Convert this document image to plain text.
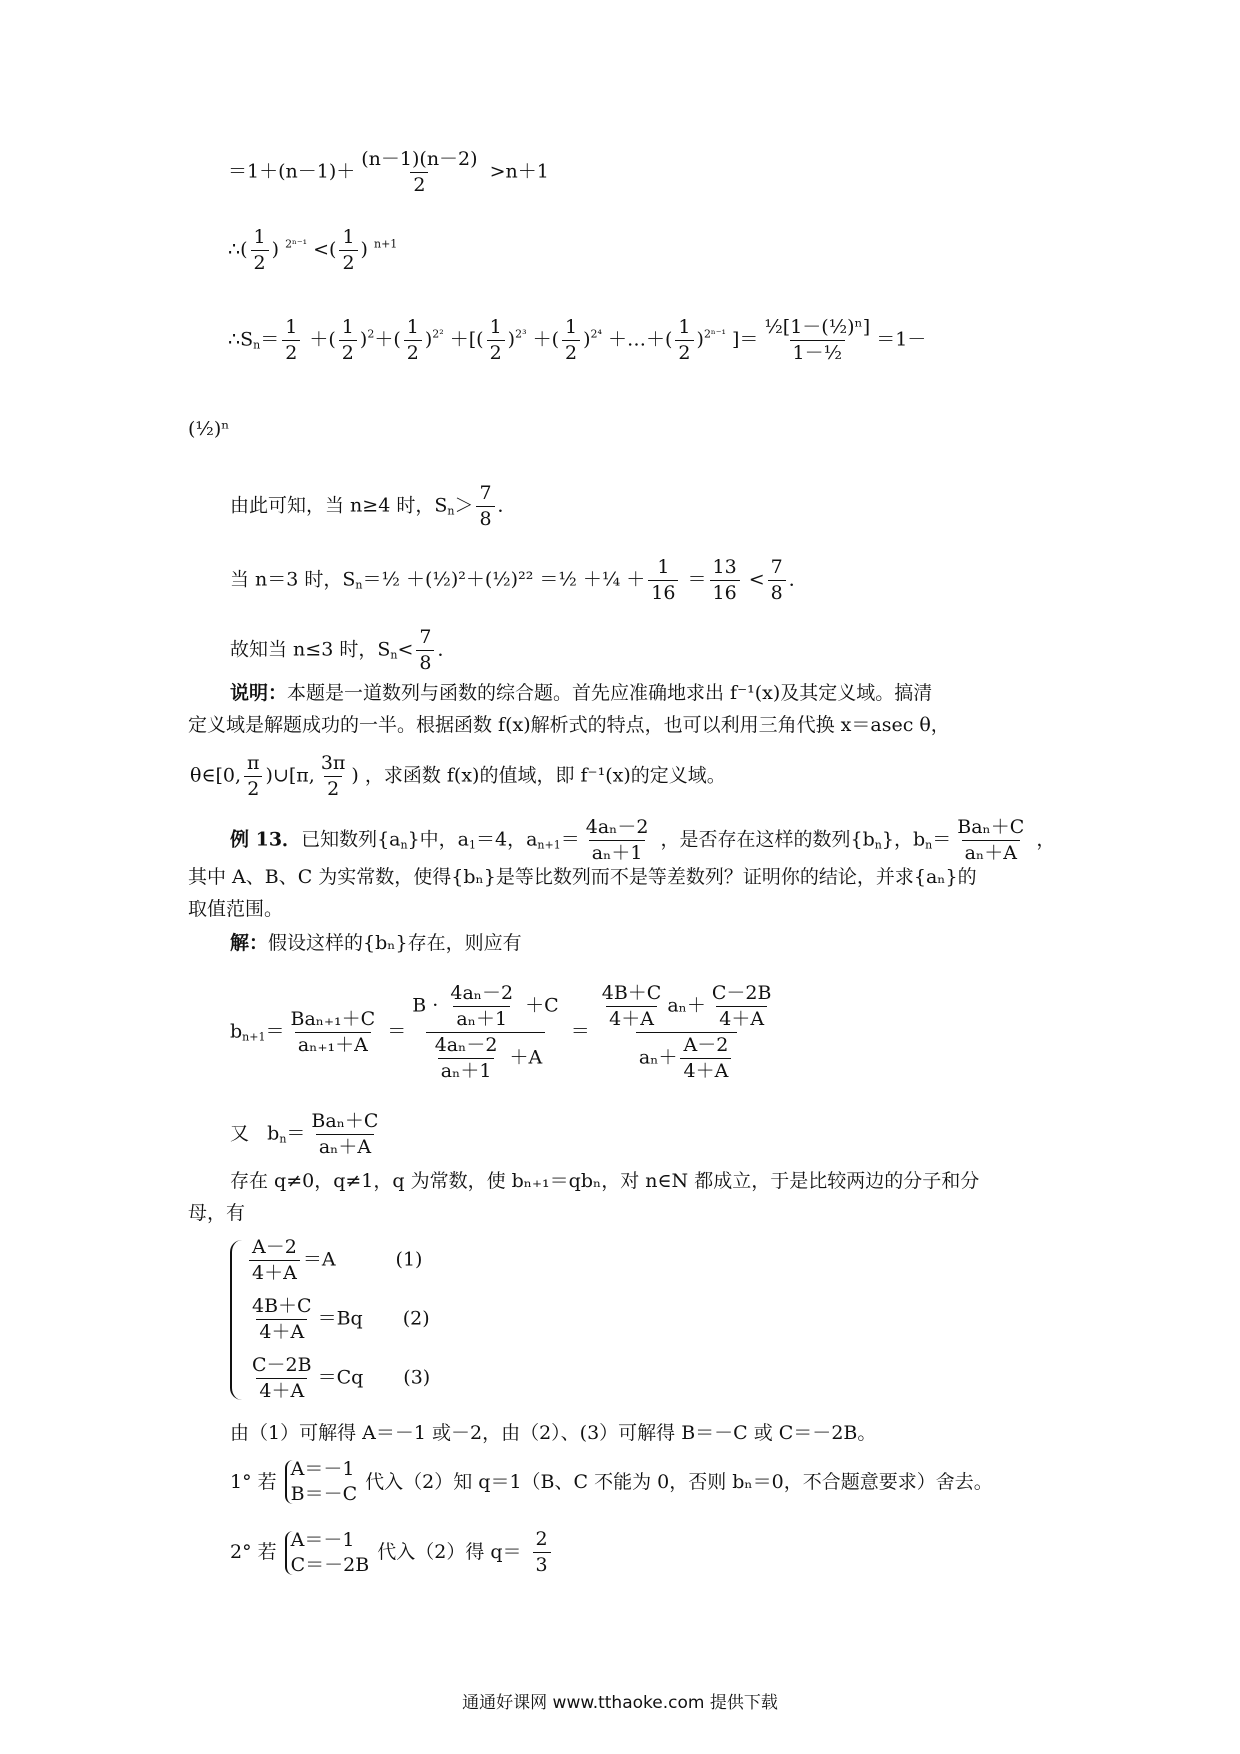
$=1+(n-1)+ \frac{(n-1)(n-2)}{2} >n+1$
∴( $\frac{1}{2}$ ) $^{2^{n-1}}$ <( $\frac{1}{2}$ ) $^{n+1}$
$\therefore S_n= \frac{1}{2}$ ＋( $\frac{1}{2} )^2+( \frac{1}{2} )^{2^2}$ ＋[( $\frac{1}{2} )^{2^3}$ ＋( $\frac{1}{2} )^{2^4}$ ＋…＋( $\frac{1}{2} )^{2^{n-1}}$ ]＝ $\frac{\text{½[1－(½)ⁿ]}}{\text{1－½}} =1-$
(½)ⁿ
由此可知，当 n≥4 时，$S_n> \frac{7}{8}$ ．
当 n＝3 时，$S_n=\frac{1}{2}$ ＋(½)²＋(½)²² ＝½ ＋¼ ＋ $\frac{1}{16} = \frac{13}{16} < \frac{7}{8}$ ．
故知当 n≤3 时，$S_n< \frac{7}{8}$ ．
说明：本题是一道数列与函数的综合题。首先应准确地求出 f⁻¹(x)及其定义域。搞清
定义域是解题成功的一半。根据函数 f(x)解析式的特点，也可以利用三角代换 x＝asec θ，
θ∈[0, $\frac{\pi}{2}$ )∪[π, $\frac{3\pi}{2}$ ) ，求函数 f(x)的值域，即 f⁻¹(x)的定义域。
例 13．已知数列$\{a_n\}$中，$a_1=4$，$a_{n+1}= \frac{\text{4aₙ－2}}{\text{aₙ＋1}}$ ，是否存在这样的数列$\{b_n\}$，$b_n= \frac{\text{Baₙ＋C}}{\text{aₙ＋A}}$ ，
其中 A、B、C 为实常数，使得{bₙ}是等比数列而不是等差数列？证明你的结论，并求{aₙ}的
取值范围。
解：假设这样的{bₙ}存在，则应有
$b_{n+1}= \frac{\text{Baₙ₊₁＋C}}{\text{aₙ₊₁＋A}} = \frac{B \cdot \frac{\text{4aₙ－2}}{\text{aₙ＋1}} +C}{\frac{\text{4aₙ－2}}{\text{aₙ＋1}} +A} = \frac{\frac{4B+C}{4+A} a_n+ \frac{C-2B}{4+A}}{a_n+ \frac{A-2}{4+A}}$
又 $b_n= \frac{\text{Baₙ＋C}}{\text{aₙ＋A}}$
存在 q≠0，q≠1，q 为常数，使 bₙ₊₁＝qbₙ，对 n∈N 都成立，于是比较两边的分子和分
母，有
$\frac{A-2}{4+A} =A$	(1)
$\frac{4B+C}{4+A} =Bq$ (2)
$\frac{C-2B}{4+A} =Cq$ (3)
由（1）可解得 A＝－1 或－2，由（2）、(3）可解得 B＝－C 或 C＝－2B。
1° 若
A＝－1
B＝－C
代入（2）知 q＝1（B、C 不能为 0，否则 bₙ＝0，不合题意要求）舍去。
2° 若
A＝－1
C＝－2B
代入（2）得 $q= \frac{2}{3}$
通通好课网 www.tthaoke.com 提供下载
